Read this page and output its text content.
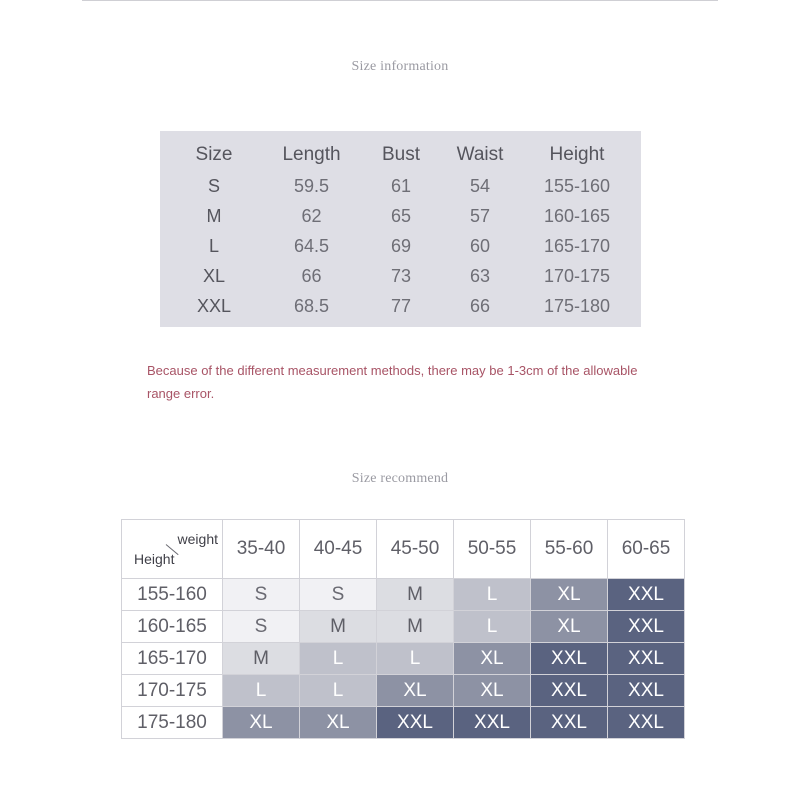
Size information
Size	Length	Bust	Waist	Height
S	59.5	61	54	155-160
M	62	65	57	160-165
L	64.5	69	60	165-170
XL	66	73	63	170-175
XXL	68.5	77	66	175-180
Because of the different measurement methods, there may be 1-3cm of the allowable range error.
Size recommend
weight
Height	35-40	40-45	45-50	50-55	55-60	60-65
155-160	S	S	M	L	XL	XXL
160-165	S	M	M	L	XL	XXL
165-170	M	L	L	XL	XXL	XXL
170-175	L	L	XL	XL	XXL	XXL
175-180	XL	XL	XXL	XXL	XXL	XXL
